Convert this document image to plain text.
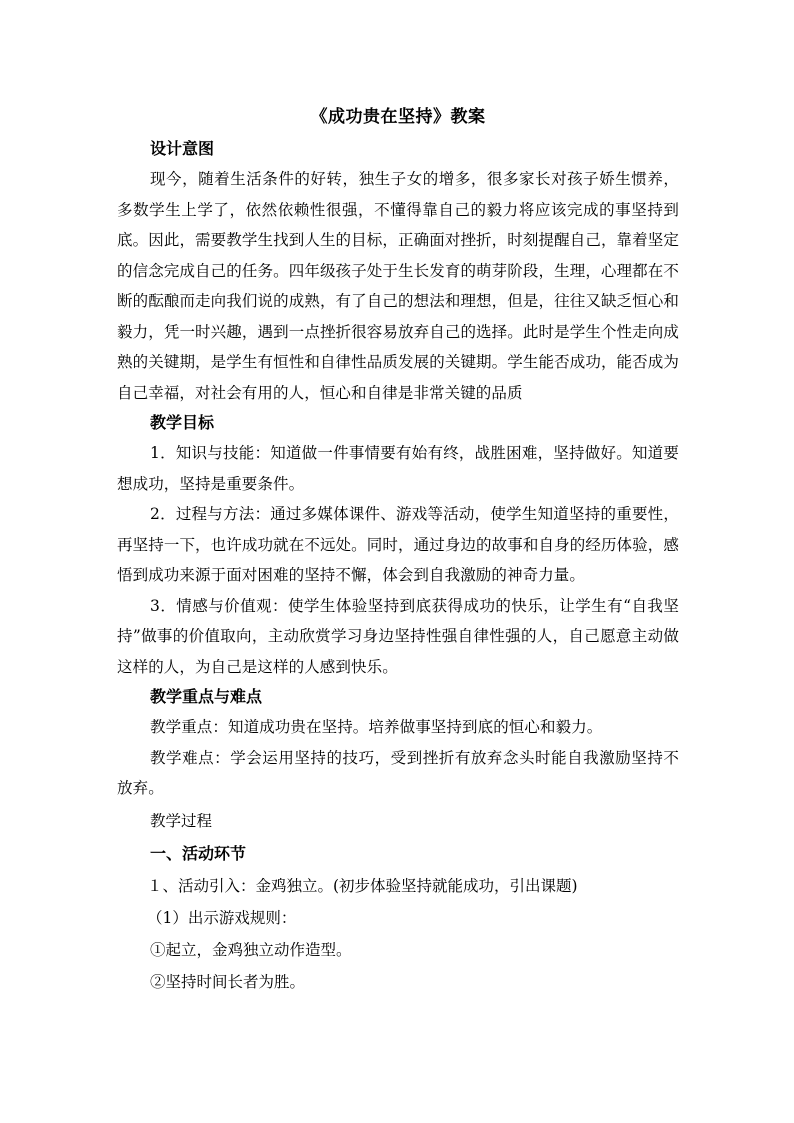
《成功贵在坚持》教案

设计意图

现今，随着生活条件的好转，独生子女的增多，很多家长对孩子娇生惯养，多数学生上学了，依然依赖性很强，不懂得靠自己的毅力将应该完成的事坚持到底。因此，需要教学生找到人生的目标，正确面对挫折，时刻提醒自己，靠着坚定的信念完成自己的任务。四年级孩子处于生长发育的萌芽阶段，生理，心理都在不断的酝酿而走向我们说的成熟，有了自己的想法和理想，但是，往往又缺乏恒心和毅力，凭一时兴趣，遇到一点挫折很容易放弃自己的选择。此时是学生个性走向成熟的关键期，是学生有恒性和自律性品质发展的关键期。学生能否成功，能否成为自己幸福，对社会有用的人，恒心和自律是非常关键的品质

教学目标

1．知识与技能：知道做一件事情要有始有终，战胜困难，坚持做好。知道要想成功，坚持是重要条件。

2．过程与方法：通过多媒体课件、游戏等活动，使学生知道坚持的重要性，再坚持一下，也许成功就在不远处。同时，通过身边的故事和自身的经历体验，感悟到成功来源于面对困难的坚持不懈，体会到自我激励的神奇力量。

3．情感与价值观：使学生体验坚持到底获得成功的快乐，让学生有“自我坚持”做事的价值取向，主动欣赏学习身边坚持性强自律性强的人，自己愿意主动做这样的人，为自己是这样的人感到快乐。

教学重点与难点

教学重点：知道成功贵在坚持。培养做事坚持到底的恒心和毅力。

教学难点：学会运用坚持的技巧，受到挫折有放弃念头时能自我激励坚持不放弃。

教学过程

一、活动环节

１、活动引入：金鸡独立。(初步体验坚持就能成功，引出课题)

（1）出示游戏规则：

①起立，金鸡独立动作造型。

②坚持时间长者为胜。
